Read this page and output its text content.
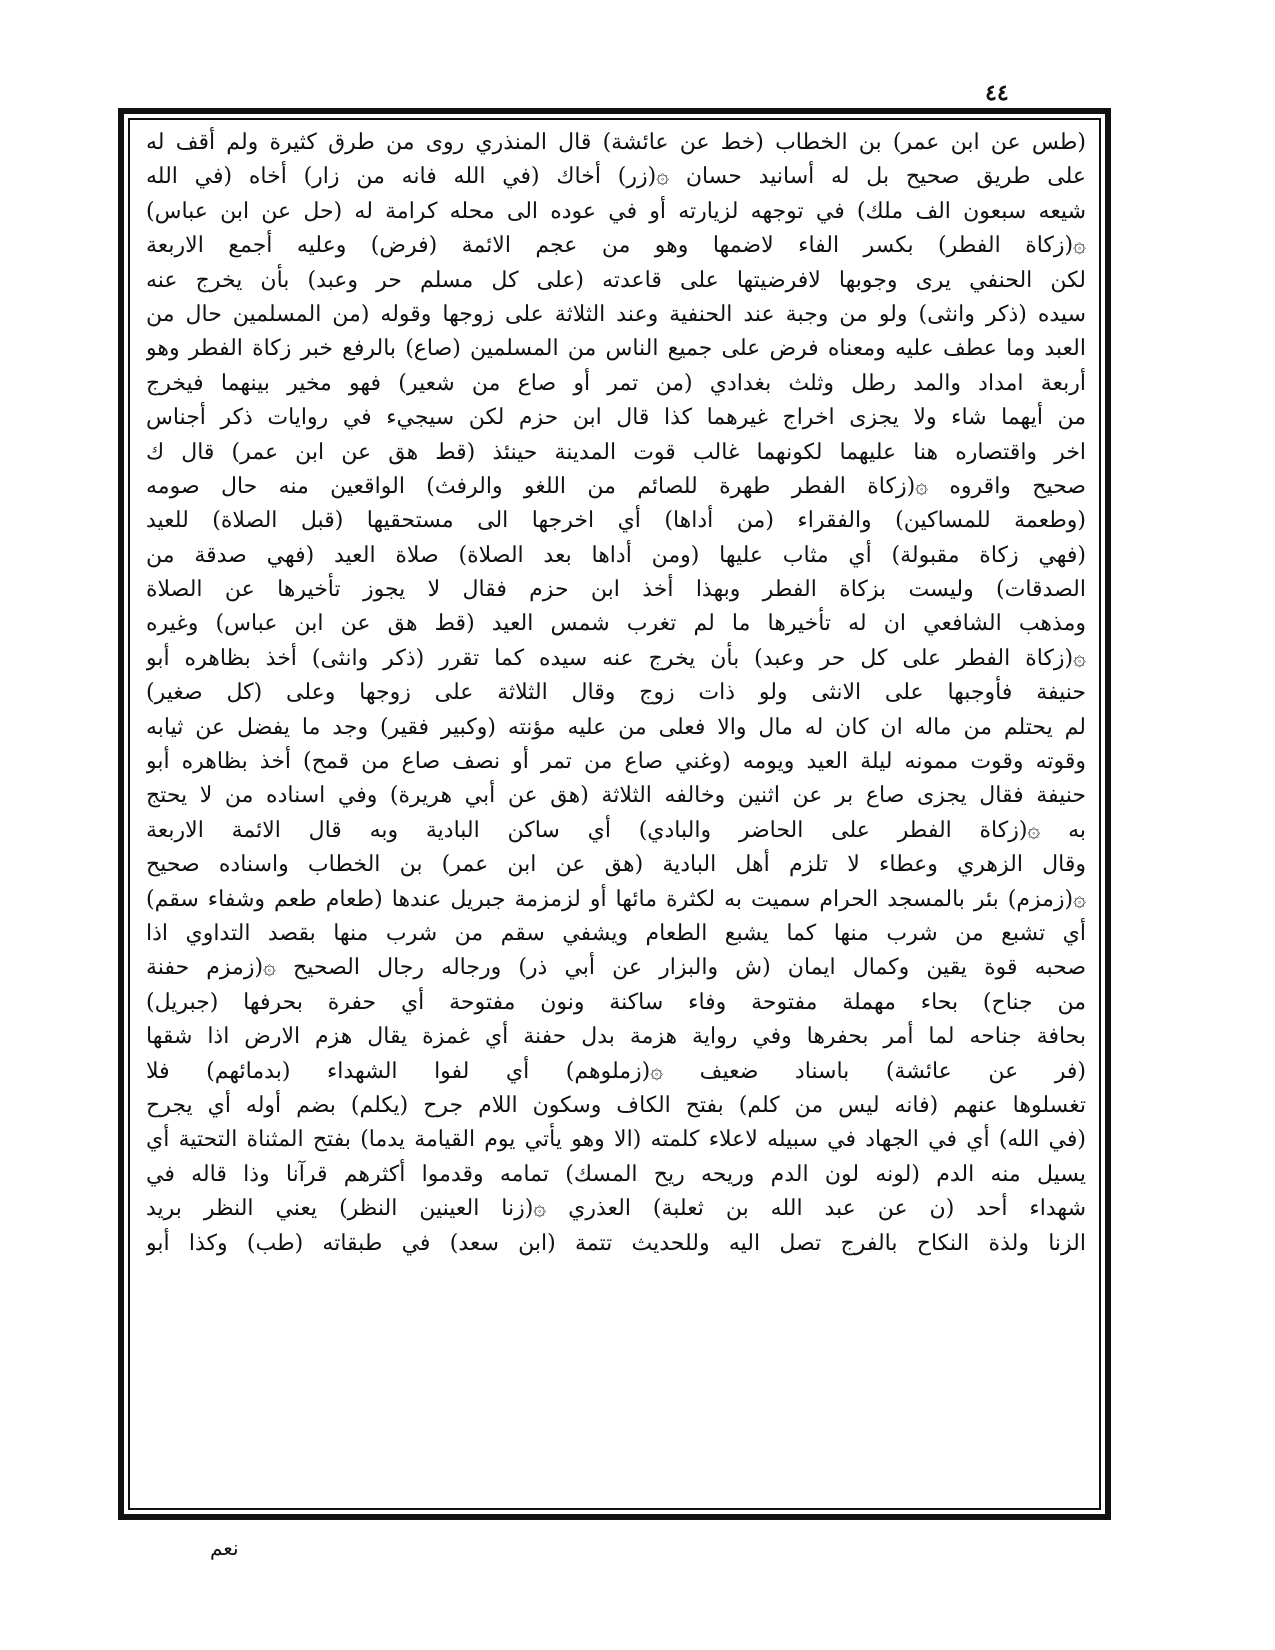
٤٤
(طس عن ابن عمر) بن الخطاب (خط عن عائشة) قال المنذري روى من طرق كثيرة ولم أقف له
على طريق صحيح بل له أسانيد حسان ۞(زر) أخاك (في الله فانه من زار) أخاه (في الله
شيعه سبعون الف ملك) في توجهه لزيارته أو في عوده الى محله كرامة له (حل عن ابن عباس)
۞(زكاة الفطر) بكسر الفاء لاضمها وهو من عجم الائمة (فرض) وعليه أجمع الاربعة
لكن الحنفي يرى وجوبها لافرضيتها على قاعدته (على كل مسلم حر وعبد) بأن يخرج عنه
سيده (ذكر وانثى) ولو من وجبة عند الحنفية وعند الثلاثة على زوجها وقوله (من المسلمين حال من
العبد وما عطف عليه ومعناه فرض على جميع الناس من المسلمين (صاع) بالرفع خبر زكاة الفطر وهو
أربعة امداد والمد رطل وثلث بغدادي (من تمر أو صاع من شعير) فهو مخير بينهما فيخرج
من أيهما شاء ولا يجزى اخراج غيرهما كذا قال ابن حزم لكن سيجيء في روايات ذكر أجناس
اخر واقتصاره هنا عليهما لكونهما غالب قوت المدينة حينئذ (قط هق عن ابن عمر) قال ك
صحيح واقروه ۞(زكاة الفطر طهرة للصائم من اللغو والرفث) الواقعين منه حال صومه
(وطعمة للمساكين) والفقراء (من أداها) أي اخرجها الى مستحقيها (قبل الصلاة) للعيد
(فهي زكاة مقبولة) أي مثاب عليها (ومن أداها بعد الصلاة) صلاة العيد (فهي صدقة من
الصدقات) وليست بزكاة الفطر وبهذا أخذ ابن حزم فقال لا يجوز تأخيرها عن الصلاة
ومذهب الشافعي ان له تأخيرها ما لم تغرب شمس العيد (قط هق عن ابن عباس) وغيره
۞(زكاة الفطر على كل حر وعبد) بأن يخرج عنه سيده كما تقرر (ذكر وانثى) أخذ بظاهره أبو
حنيفة فأوجبها على الانثى ولو ذات زوج وقال الثلاثة على زوجها وعلى (كل صغير)
لم يحتلم من ماله ان كان له مال والا فعلى من عليه مؤنته (وكبير فقير) وجد ما يفضل عن ثيابه
وقوته وقوت ممونه ليلة العيد ويومه (وغني صاع من تمر أو نصف صاع من قمح) أخذ بظاهره أبو
حنيفة فقال يجزى صاع بر عن اثنين وخالفه الثلاثة (هق عن أبي هريرة) وفي اسناده من لا يحتج
به ۞(زكاة الفطر على الحاضر والبادي) أي ساكن البادية وبه قال الائمة الاربعة
وقال الزهري وعطاء لا تلزم أهل البادية (هق عن ابن عمر) بن الخطاب واسناده صحيح
۞(زمزم) بئر بالمسجد الحرام سميت به لكثرة مائها أو لزمزمة جبريل عندها (طعام طعم وشفاء سقم)
أي تشبع من شرب منها كما يشبع الطعام ويشفي سقم من شرب منها بقصد التداوي اذا
صحبه قوة يقين وكمال ايمان (ش والبزار عن أبي ذر) ورجاله رجال الصحيح ۞(زمزم حفنة
من جناح) بحاء مهملة مفتوحة وفاء ساكنة ونون مفتوحة أي حفرة بحرفها (جبريل)
بحافة جناحه لما أمر بحفرها وفي رواية هزمة بدل حفنة أي غمزة يقال هزم الارض اذا شقها
(فر عن عائشة) باسناد ضعيف ۞(زملوهم) أي لفوا الشهداء (بدمائهم) فلا
تغسلوها عنهم (فانه ليس من كلم) بفتح الكاف وسكون اللام جرح (يكلم) بضم أوله أي يجرح
(في الله) أي في الجهاد في سبيله لاعلاء كلمته (الا وهو يأتي يوم القيامة يدما) بفتح المثناة التحتية أي
يسيل منه الدم (لونه لون الدم وريحه ريح المسك) تمامه وقدموا أكثرهم قرآنا وذا قاله في
شهداء أحد (ن عن عبد الله بن ثعلبة) العذري ۞(زنا العينين النظر) يعني النظر بريد
الزنا ولذة النكاح بالفرج تصل اليه وللحديث تتمة (ابن سعد) في طبقاته (طب) وكذا أبو
نعم
